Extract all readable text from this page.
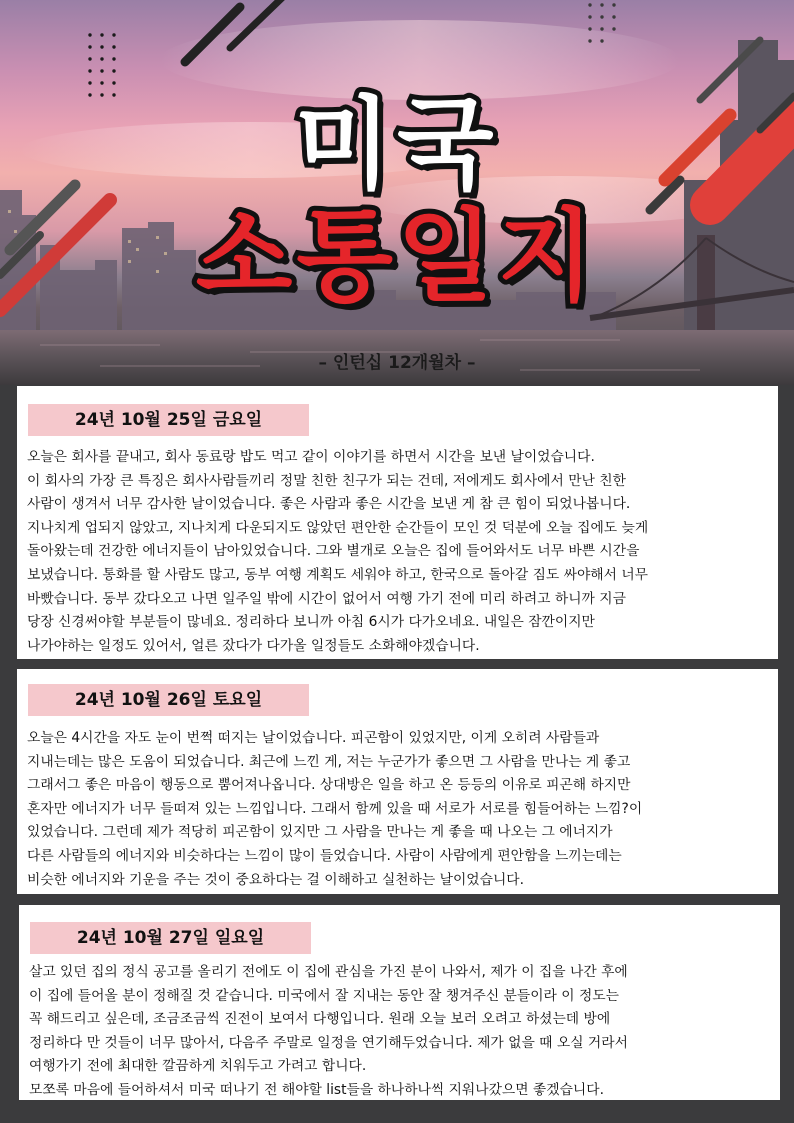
미국
소통일지
– 인턴십 12개월차 –
24년 10월 25일 금요일
오늘은 회사를 끝내고, 회사 동료랑 밥도 먹고 같이 이야기를 하면서 시간을 보낸 날이었습니다.
이 회사의 가장 큰 특징은 회사사람들끼리 정말 친한 친구가 되는 건데, 저에게도 회사에서 만난 친한
사람이 생겨서 너무 감사한 날이었습니다. 좋은 사람과 좋은 시간을 보낸 게 참 큰 힘이 되었나봅니다.
지나치게 업되지 않았고, 지나치게 다운되지도 않았던 편안한 순간들이 모인 것 덕분에 오늘 집에도 늦게
돌아왔는데 건강한 에너지들이 남아있었습니다. 그와 별개로 오늘은 집에 들어와서도 너무 바쁜 시간을
보냈습니다. 통화를 할 사람도 많고, 동부 여행 계획도 세워야 하고, 한국으로 돌아갈 짐도 싸야해서 너무
바빴습니다. 동부 갔다오고 나면 일주일 밖에 시간이 없어서 여행 가기 전에 미리 하려고 하니까 지금
당장 신경써야할 부분들이 많네요. 정리하다 보니까 아침 6시가 다가오네요. 내일은 잠깐이지만
나가야하는 일정도 있어서, 얼른 잤다가 다가올 일정들도 소화해야겠습니다.
24년 10월 26일 토요일
오늘은 4시간을 자도 눈이 번쩍 떠지는 날이었습니다. 피곤함이 있었지만, 이게 오히려 사람들과
지내는데는 많은 도움이 되었습니다. 최근에 느낀 게, 저는 누군가가 좋으면 그 사람을 만나는 게 좋고
그래서그 좋은 마음이 행동으로 뿜어져나옵니다. 상대방은 일을 하고 온 등등의 이유로 피곤해 하지만
혼자만 에너지가 너무 들떠져 있는 느낌입니다. 그래서 함께 있을 때 서로가 서로를 힘들어하는 느낌?이
있었습니다. 그런데 제가 적당히 피곤함이 있지만 그 사람을 만나는 게 좋을 때 나오는 그 에너지가
다른 사람들의 에너지와 비슷하다는 느낌이 많이 들었습니다. 사람이 사람에게 편안함을 느끼는데는
비슷한 에너지와 기운을 주는 것이 중요하다는 걸 이해하고 실천하는 날이었습니다.
24년 10월 27일 일요일
살고 있던 집의 정식 공고를 올리기 전에도 이 집에 관심을 가진 분이 나와서, 제가 이 집을 나간 후에
이 집에 들어올 분이 정해질 것 같습니다. 미국에서 잘 지내는 동안 잘 챙겨주신 분들이라 이 정도는
꼭 해드리고 싶은데, 조금조금씩 진전이 보여서 다행입니다. 원래 오늘 보러 오려고 하셨는데 방에
정리하다 만 것들이 너무 많아서, 다음주 주말로 일정을 연기해두었습니다. 제가 없을 때 오실 거라서
여행가기 전에 최대한 깔끔하게 치워두고 가려고 합니다.
모쪼록 마음에 들어하셔서 미국 떠나기 전 해야할 list들을 하나하나씩 지워나갔으면 좋겠습니다.
